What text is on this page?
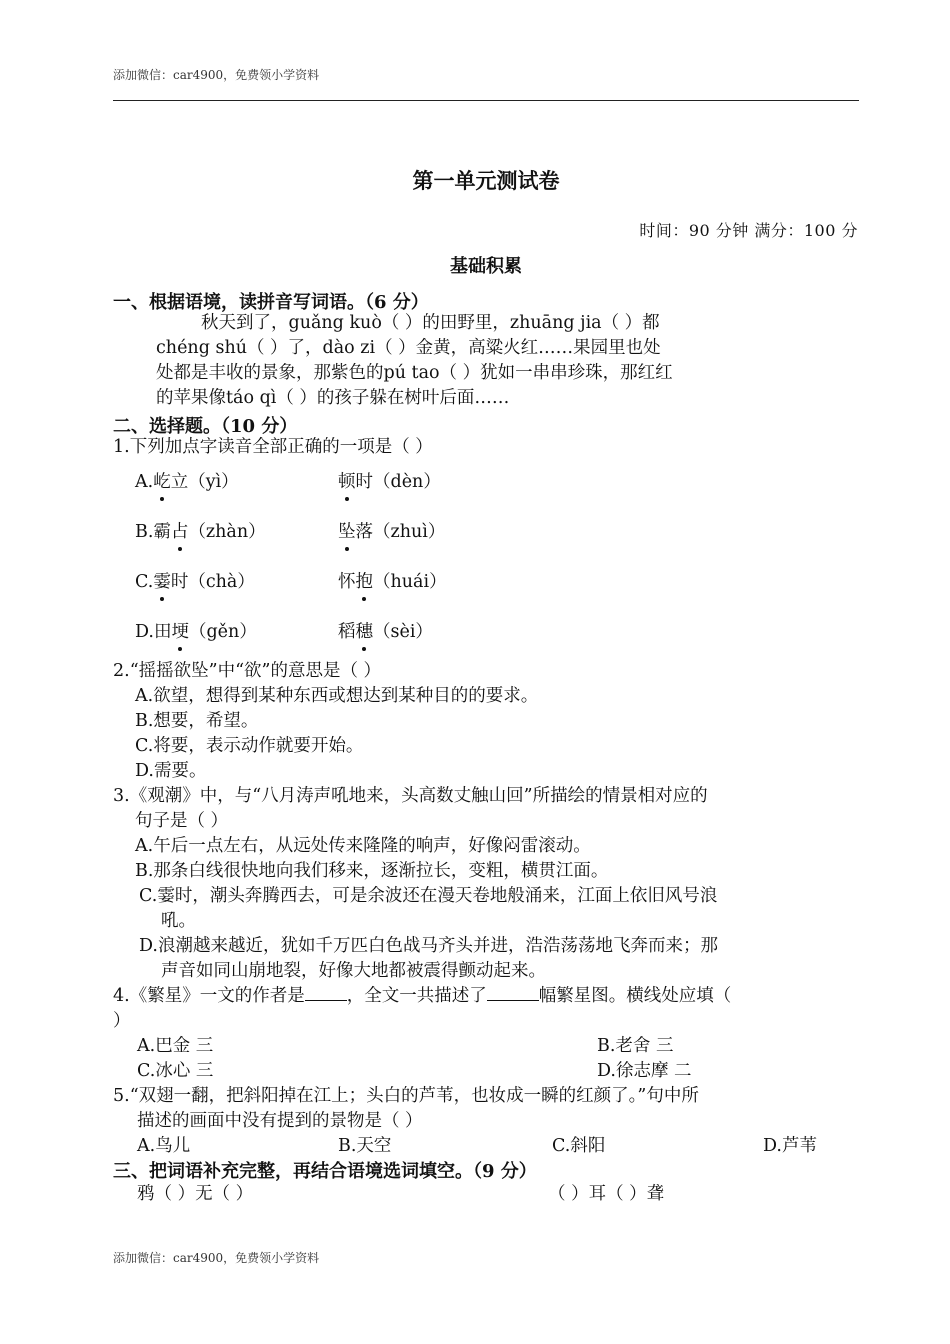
添加微信：car4900，免费领小学资料
添加微信：car4900，免费领小学资料
第一单元测试卷
时间：90 分钟 满分：100 分
基础积累
一、根据语境，读拼音写词语。（6 分）
秋天到了，guǎng kuò（ ）的田野里，zhuāng jia（ ）都
chéng shú（ ）了，dào zi（ ）金黄，高粱火红……果园里也处
处都是丰收的景象，那紫色的pú tao（ ）犹如一串串珍珠，那红红
的苹果像táo qì（ ）的孩子躲在树叶后面……
二、选择题。（10 分）
1.下列加点字读音全部正确的一项是（ ）
A.屹立（yì）	顿时（dèn）
B.霸占（zhàn）	坠落（zhuì）
C.霎时（chà）	怀抱（huái）
D.田埂（gěn）	稻穗（sèi）
2.“摇摇欲坠”中“欲”的意思是（ ）
A.欲望，想得到某种东西或想达到某种目的的要求。
B.想要，希望。
C.将要，表示动作就要开始。
D.需要。
3.《观潮》中，与“八月涛声吼地来，头高数丈触山回”所描绘的情景相对应的
句子是（ ）
A.午后一点左右，从远处传来隆隆的响声，好像闷雷滚动。
B.那条白线很快地向我们移来，逐渐拉长，变粗，横贯江面。
C.霎时，潮头奔腾西去，可是余波还在漫天卷地般涌来，江面上依旧风号浪
吼。
D.浪潮越来越近，犹如千万匹白色战马齐头并进，浩浩荡荡地飞奔而来；那
声音如同山崩地裂，好像大地都被震得颤动起来。
4.《繁星》一文的作者是 ，全文一共描述了	幅繁星图。横线处应填（
）
A.巴金 三	B.老舍 三
C.冰心 三	D.徐志摩 二
5.“双翅一翻，把斜阳掉在江上；头白的芦苇，也妆成一瞬的红颜了。”句中所
描述的画面中没有提到的景物是（ ）
A.鸟儿	B.天空	C.斜阳	D.芦苇
三、把词语补充完整，再结合语境选词填空。（9 分）
鸦（ ）无（ ）	（ ）耳（ ）聋
